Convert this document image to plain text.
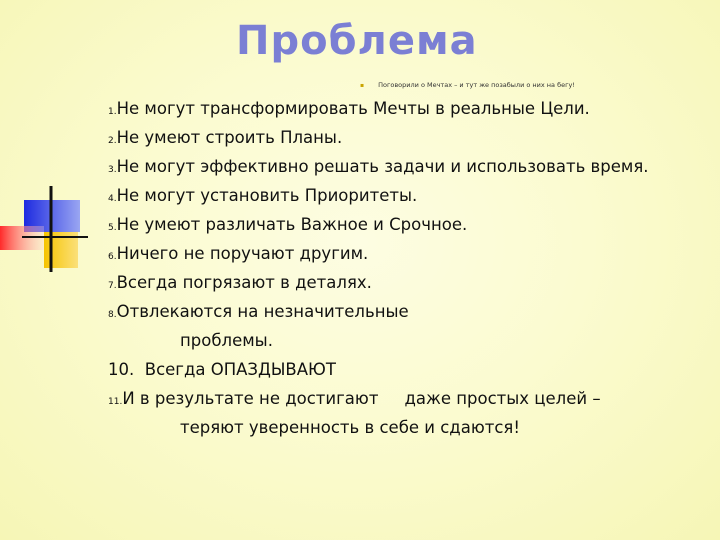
Проблема
▪ Поговорили о Мечтах – и тут же позабыли о них на бегу!
1.Не могут трансформировать Мечты в реальные Цели.
2.Не умеют строить Планы.
3.Не могут эффективно решать задачи и использовать время.
4.Не могут установить Приоритеты.
5.Не умеют различать Важное и Срочное.
6.Ничего не поручают другим.
7.Всегда погрязают в деталях.
8.Отвлекаются на незначительные
проблемы.
10. Всегда ОПАЗДЫВАЮТ
11.И в результате не достигают даже простых целей –
теряют уверенность в себе и сдаются!
